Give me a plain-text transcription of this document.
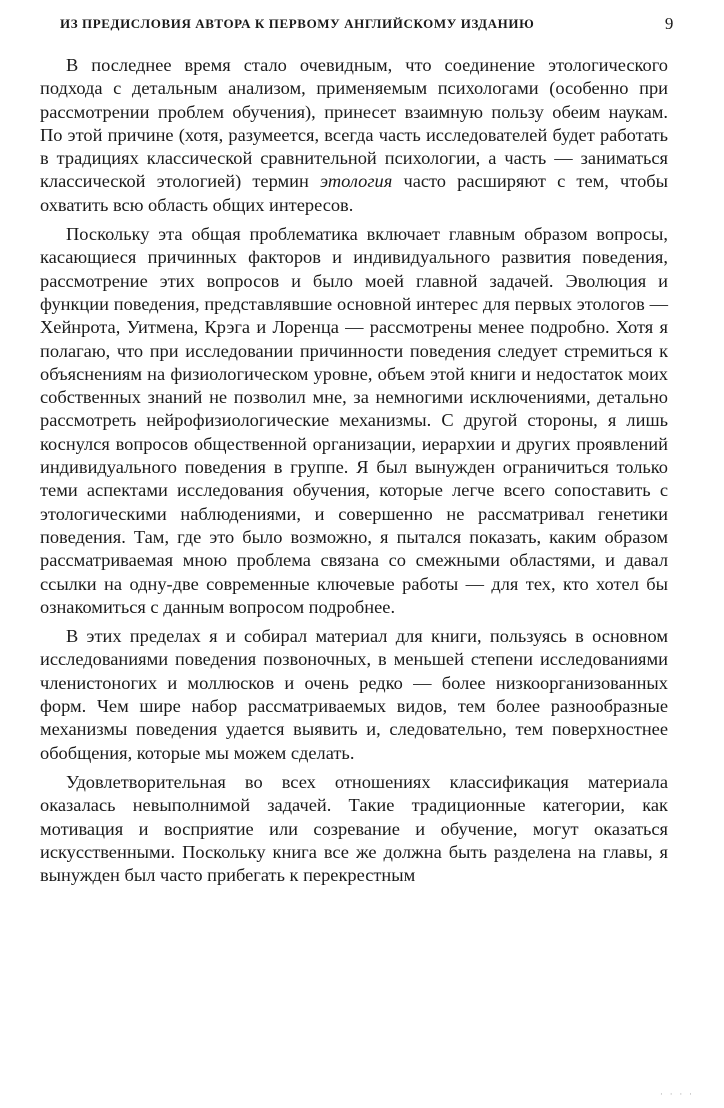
ИЗ ПРЕДИСЛОВИЯ АВТОРА К ПЕРВОМУ АНГЛИЙСКОМУ ИЗДАНИЮ	9

В последнее время стало очевидным, что соединение этологического подхода с детальным анализом, применяемым психологами (особенно при рассмотрении проблем обучения), принесет взаимную пользу обеим наукам. По этой причине (хотя, разумеется, всегда часть исследователей будет работать в традициях классической сравнительной психологии, а часть — заниматься классической этологией) термин этология часто расширяют с тем, чтобы охватить всю область общих интересов.

Поскольку эта общая проблематика включает главным образом вопросы, касающиеся причинных факторов и индивидуального развития поведения, рассмотрение этих вопросов и было моей главной задачей. Эволюция и функции поведения, представлявшие основной интерес для первых этологов — Хейнрота, Уитмена, Крэга и Лоренца — рассмотрены менее подробно. Хотя я полагаю, что при исследовании причинности поведения следует стремиться к объяснениям на физиологическом уровне, объем этой книги и недостаток моих собственных знаний не позволил мне, за немногими исключениями, детально рассмотреть нейрофизиологические механизмы. С другой стороны, я лишь коснулся вопросов общественной организации, иерархии и других проявлений индивидуального поведения в группе. Я был вынужден ограничиться только теми аспектами исследования обучения, которые легче всего сопоставить с этологическими наблюдениями, и совершенно не рассматривал генетики поведения. Там, где это было возможно, я пытался показать, каким образом рассматриваемая мною проблема связана со смежными областями, и давал ссылки на одну-две современные ключевые работы — для тех, кто хотел бы ознакомиться с данным вопросом подробнее.

В этих пределах я и собирал материал для книги, пользуясь в основном исследованиями поведения позвоночных, в меньшей степени исследованиями членистоногих и моллюсков и очень редко — более низкоорганизованных форм. Чем шире набор рассматриваемых видов, тем более разнообразные механизмы поведения удается выявить и, следовательно, тем поверхностнее обобщения, которые мы можем сделать.

Удовлетворительная во всех отношениях классификация материала оказалась невыполнимой задачей. Такие традиционные категории, как мотивация и восприятие или созревание и обучение, могут оказаться искусственными. Поскольку книга все же должна быть разделена на главы, я вынужден был часто прибегать к перекрестным

· · · ·
